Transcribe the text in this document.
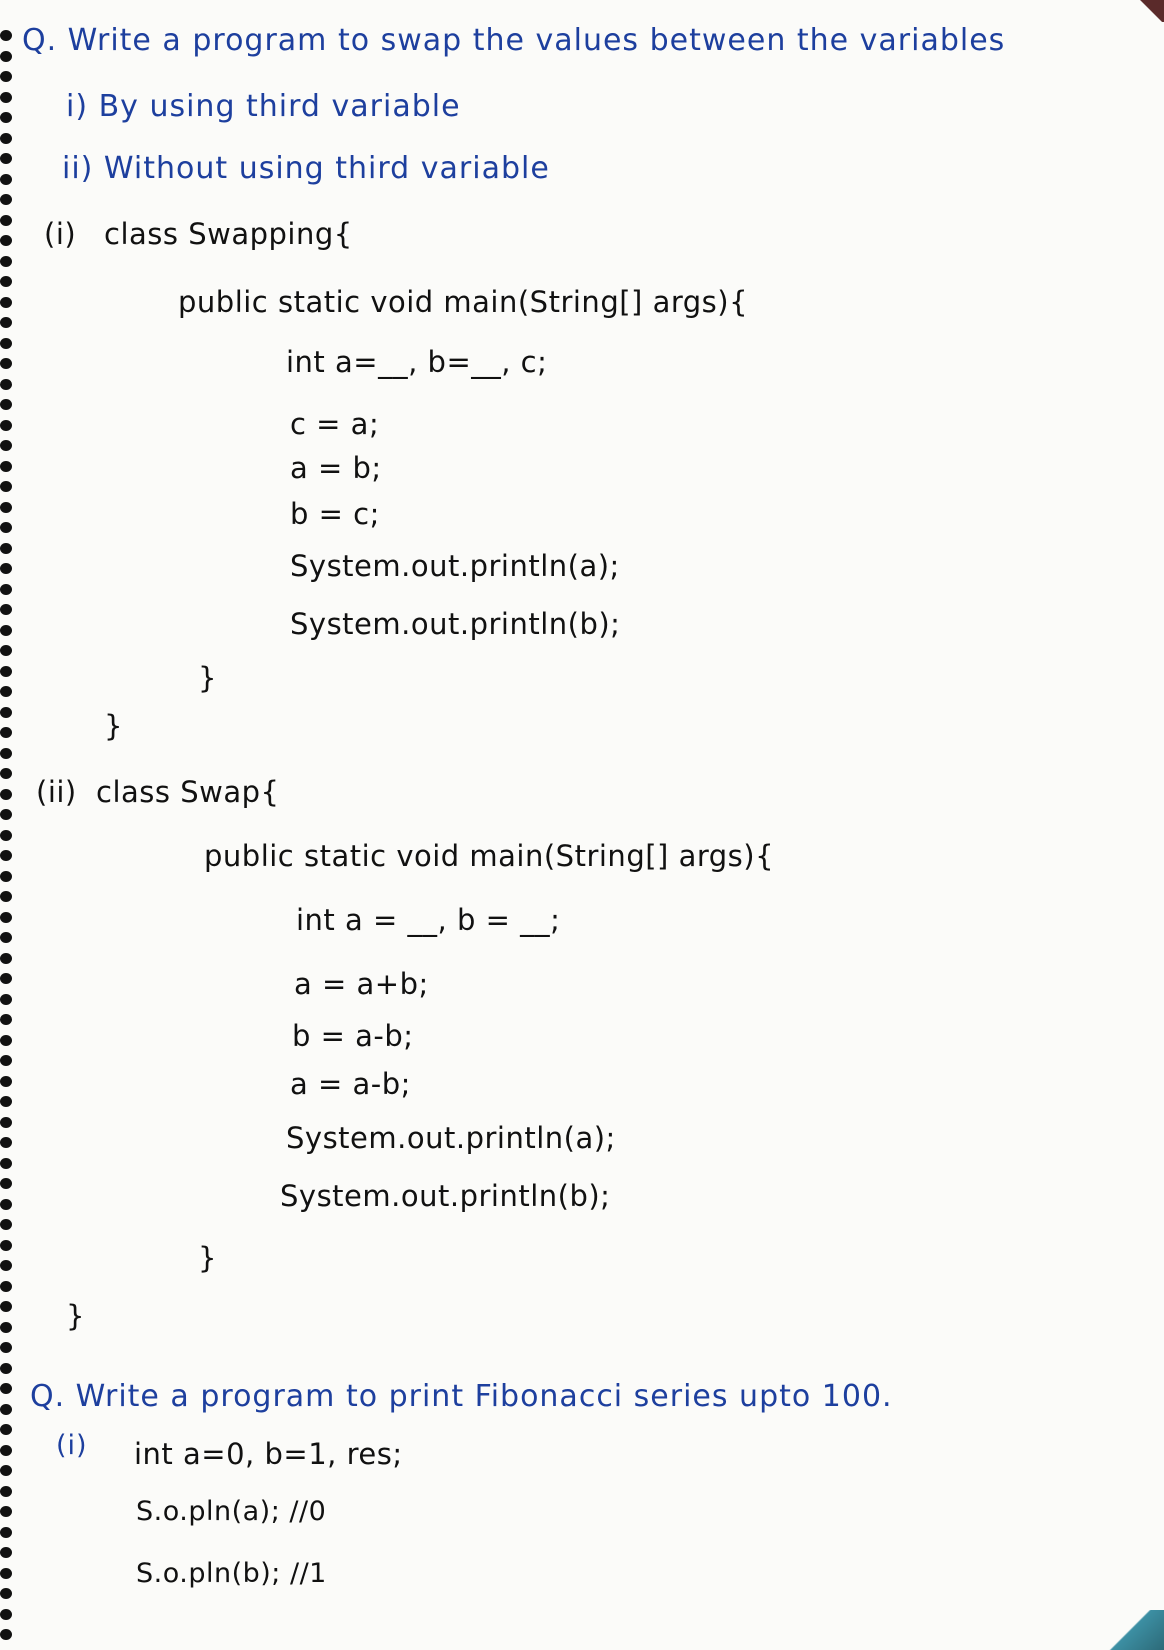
Q. Write a program to swap the values between the variables
i) By using third variable
ii) Without using third variable
(i) class Swapping{
public static void main(String[] args){
int a=__, b=__, c;
c = a;
a = b;
b = c;
System.out.println(a);
System.out.println(b);
}
}
(ii) class Swap{
public static void main(String[] args){
int a = __, b = __;
a = a+b;
b = a-b;
a = a-b;
System.out.println(a);
System.out.println(b);
}
}
Q. Write a program to print Fibonacci series upto 100.
(i) int a=0, b=1, res;
S.o.pln(a); //0
S.o.pln(b); //1
